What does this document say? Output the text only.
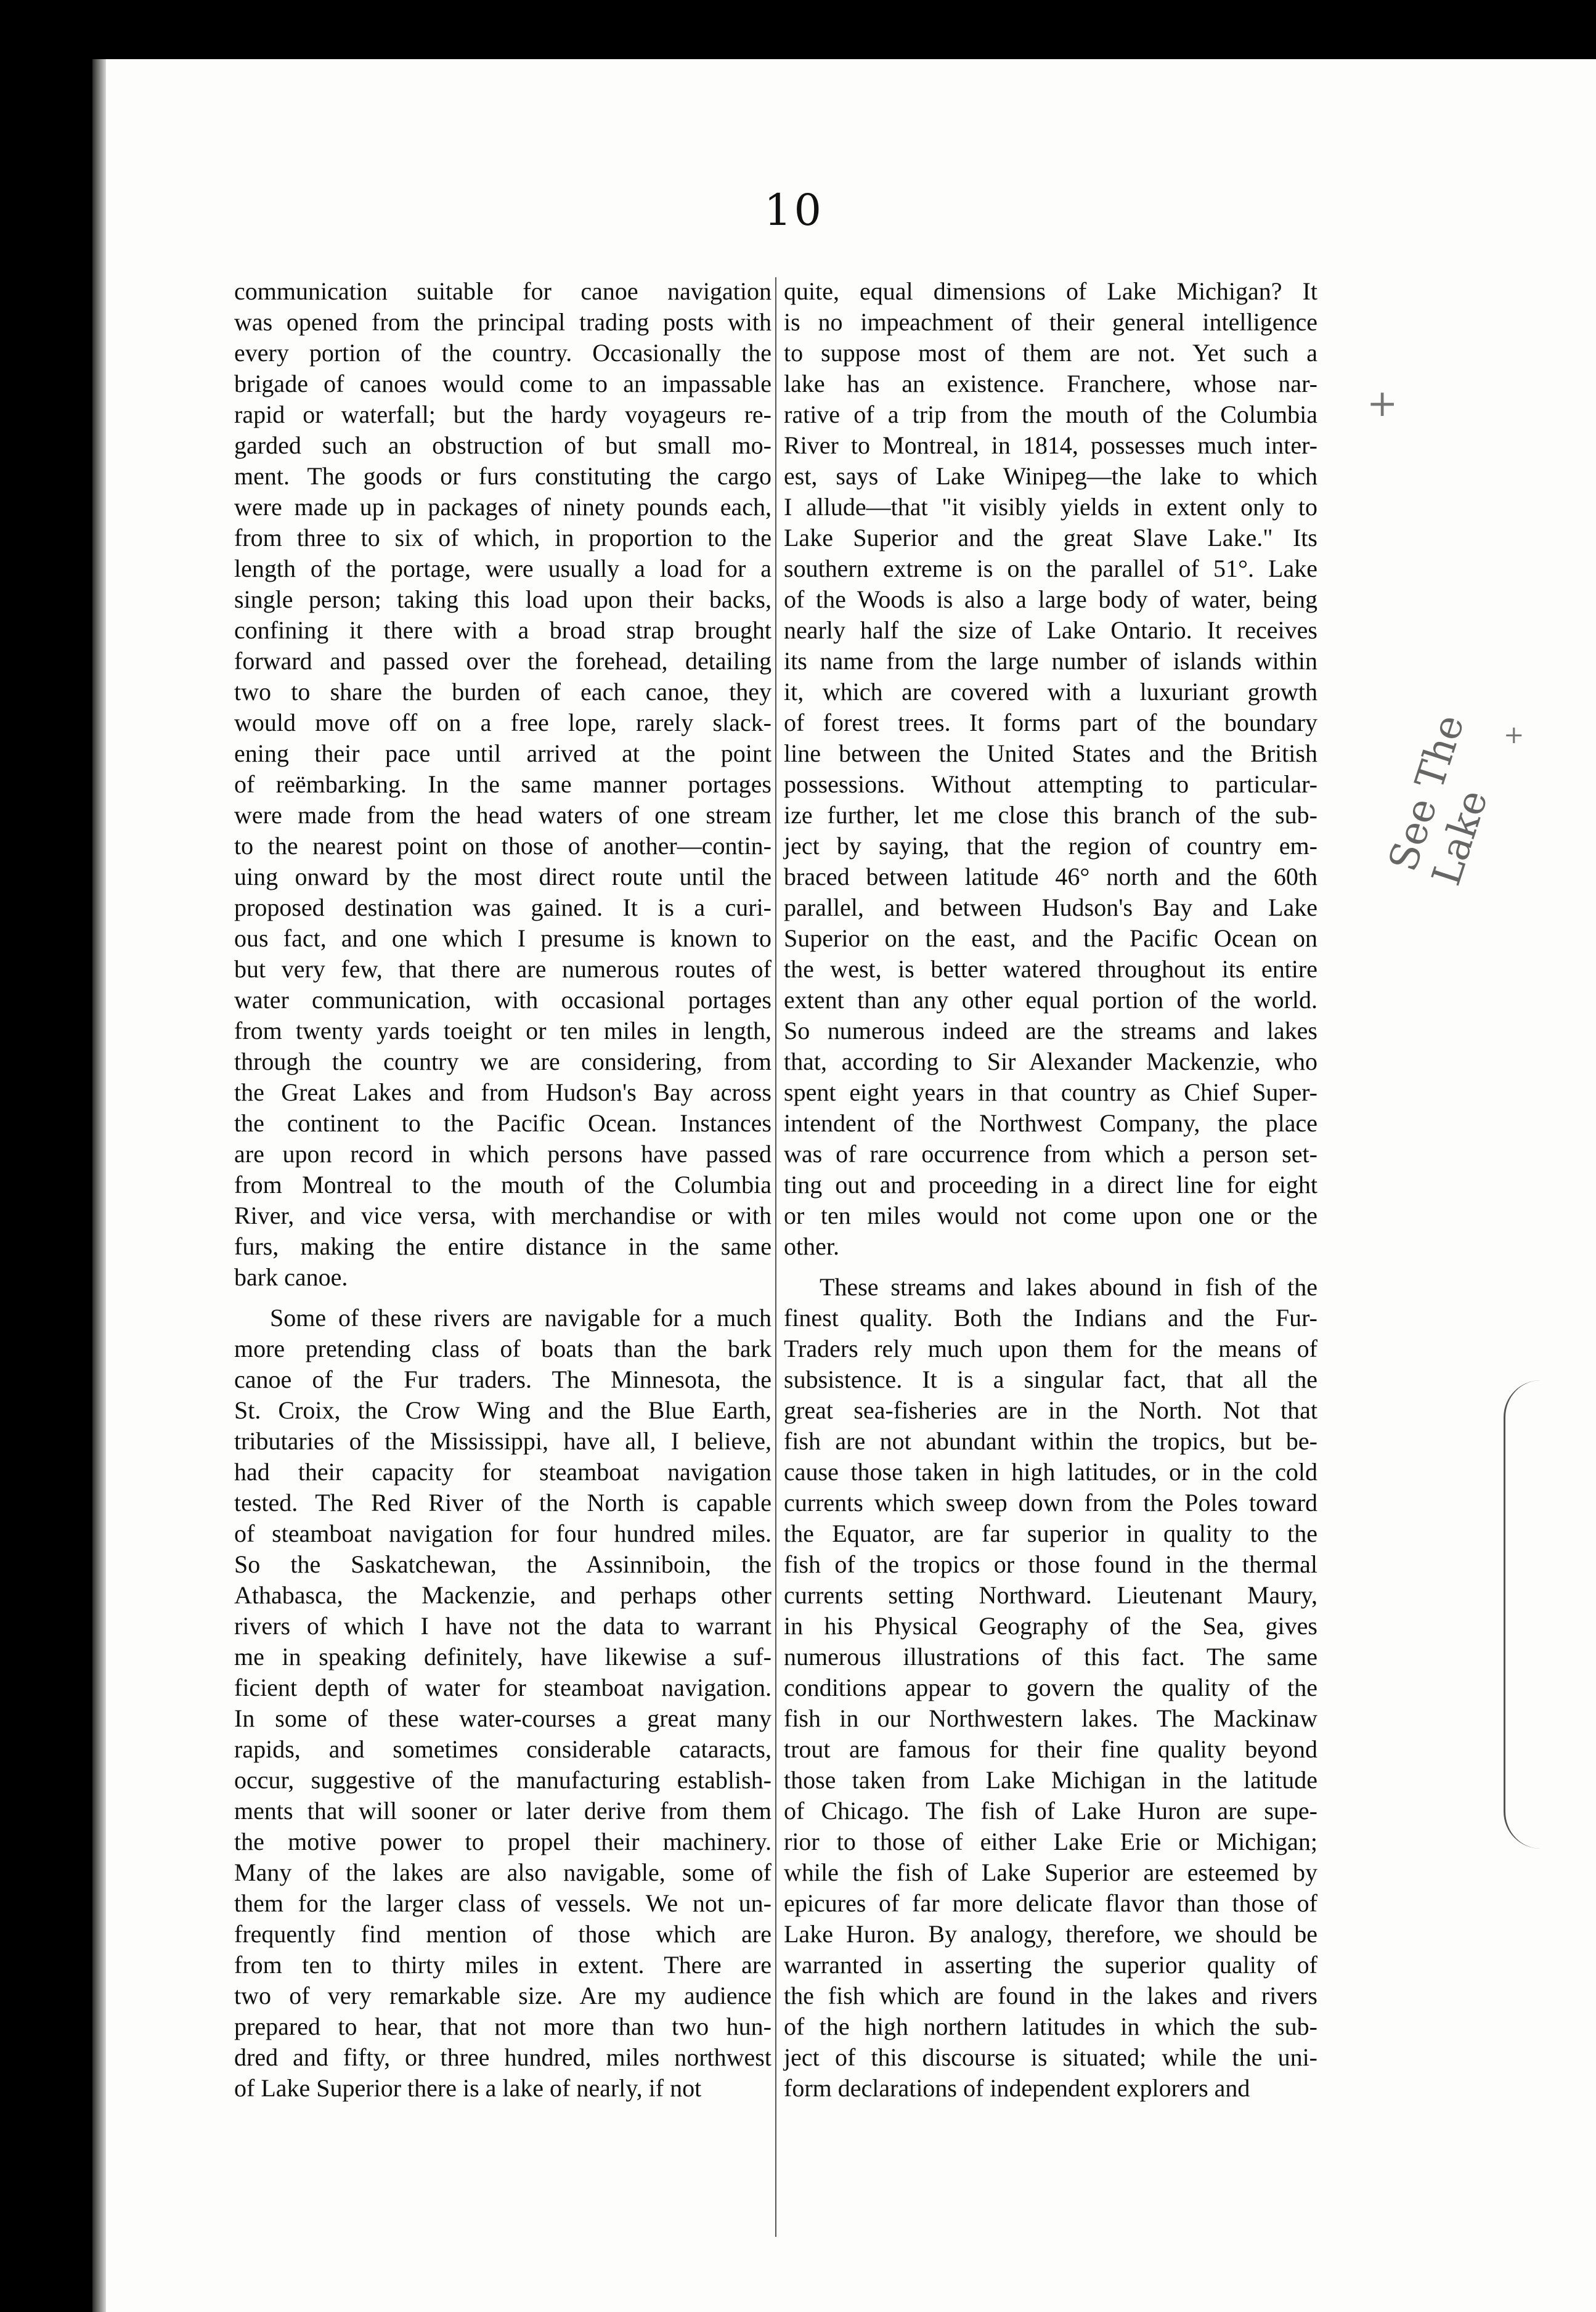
10
communication suitable for canoe navigation
was opened from the principal trading posts with
every portion of the country. Occasionally the
brigade of canoes would come to an impassable
rapid or waterfall; but the hardy voyageurs re-
garded such an obstruction of but small mo-
ment. The goods or furs constituting the cargo
were made up in packages of ninety pounds each,
from three to six of which, in proportion to the
length of the portage, were usually a load for a
single person; taking this load upon their backs,
confining it there with a broad strap brought
forward and passed over the forehead, detailing
two to share the burden of each canoe, they
would move off on a free lope, rarely slack-
ening their pace until arrived at the point
of reëmbarking. In the same manner portages
were made from the head waters of one stream
to the nearest point on those of another—contin-
uing onward by the most direct route until the
proposed destination was gained. It is a curi-
ous fact, and one which I presume is known to
but very few, that there are numerous routes of
water communication, with occasional portages
from twenty yards toeight or ten miles in length,
through the country we are considering, from
the Great Lakes and from Hudson's Bay across
the continent to the Pacific Ocean. Instances
are upon record in which persons have passed
from Montreal to the mouth of the Columbia
River, and vice versa, with merchandise or with
furs, making the entire distance in the same
bark canoe.
Some of these rivers are navigable for a much
more pretending class of boats than the bark
canoe of the Fur traders. The Minnesota, the
St. Croix, the Crow Wing and the Blue Earth,
tributaries of the Mississippi, have all, I believe,
had their capacity for steamboat navigation
tested. The Red River of the North is capable
of steamboat navigation for four hundred miles.
So the Saskatchewan, the Assinniboin, the
Athabasca, the Mackenzie, and perhaps other
rivers of which I have not the data to warrant
me in speaking definitely, have likewise a suf-
ficient depth of water for steamboat navigation.
In some of these water-courses a great many
rapids, and sometimes considerable cataracts,
occur, suggestive of the manufacturing establish-
ments that will sooner or later derive from them
the motive power to propel their machinery.
Many of the lakes are also navigable, some of
them for the larger class of vessels. We not un-
frequently find mention of those which are
from ten to thirty miles in extent. There are
two of very remarkable size. Are my audience
prepared to hear, that not more than two hun-
dred and fifty, or three hundred, miles northwest
of Lake Superior there is a lake of nearly, if not
quite, equal dimensions of Lake Michigan? It
is no impeachment of their general intelligence
to suppose most of them are not. Yet such a
lake has an existence. Franchere, whose nar-
rative of a trip from the mouth of the Columbia
River to Montreal, in 1814, possesses much inter-
est, says of Lake Winipeg—the lake to which
I allude—that "it visibly yields in extent only to
Lake Superior and the great Slave Lake." Its
southern extreme is on the parallel of 51°. Lake
of the Woods is also a large body of water, being
nearly half the size of Lake Ontario. It receives
its name from the large number of islands within
it, which are covered with a luxuriant growth
of forest trees. It forms part of the boundary
line between the United States and the British
possessions. Without attempting to particular-
ize further, let me close this branch of the sub-
ject by saying, that the region of country em-
braced between latitude 46° north and the 60th
parallel, and between Hudson's Bay and Lake
Superior on the east, and the Pacific Ocean on
the west, is better watered throughout its entire
extent than any other equal portion of the world.
So numerous indeed are the streams and lakes
that, according to Sir Alexander Mackenzie, who
spent eight years in that country as Chief Super-
intendent of the Northwest Company, the place
was of rare occurrence from which a person set-
ting out and proceeding in a direct line for eight
or ten miles would not come upon one or the
other.
These streams and lakes abound in fish of the
finest quality. Both the Indians and the Fur-
Traders rely much upon them for the means of
subsistence. It is a singular fact, that all the
great sea-fisheries are in the North. Not that
fish are not abundant within the tropics, but be-
cause those taken in high latitudes, or in the cold
currents which sweep down from the Poles toward
the Equator, are far superior in quality to the
fish of the tropics or those found in the thermal
currents setting Northward. Lieutenant Maury,
in his Physical Geography of the Sea, gives
numerous illustrations of this fact. The same
conditions appear to govern the quality of the
fish in our Northwestern lakes. The Mackinaw
trout are famous for their fine quality beyond
those taken from Lake Michigan in the latitude
of Chicago. The fish of Lake Huron are supe-
rior to those of either Lake Erie or Michigan;
while the fish of Lake Superior are esteemed by
epicures of far more delicate flavor than those of
Lake Huron. By analogy, therefore, we should be
warranted in asserting the superior quality of
the fish which are found in the lakes and rivers
of the high northern latitudes in which the sub-
ject of this discourse is situated; while the uni-
form declarations of independent explorers and
+
See The Lake
+
